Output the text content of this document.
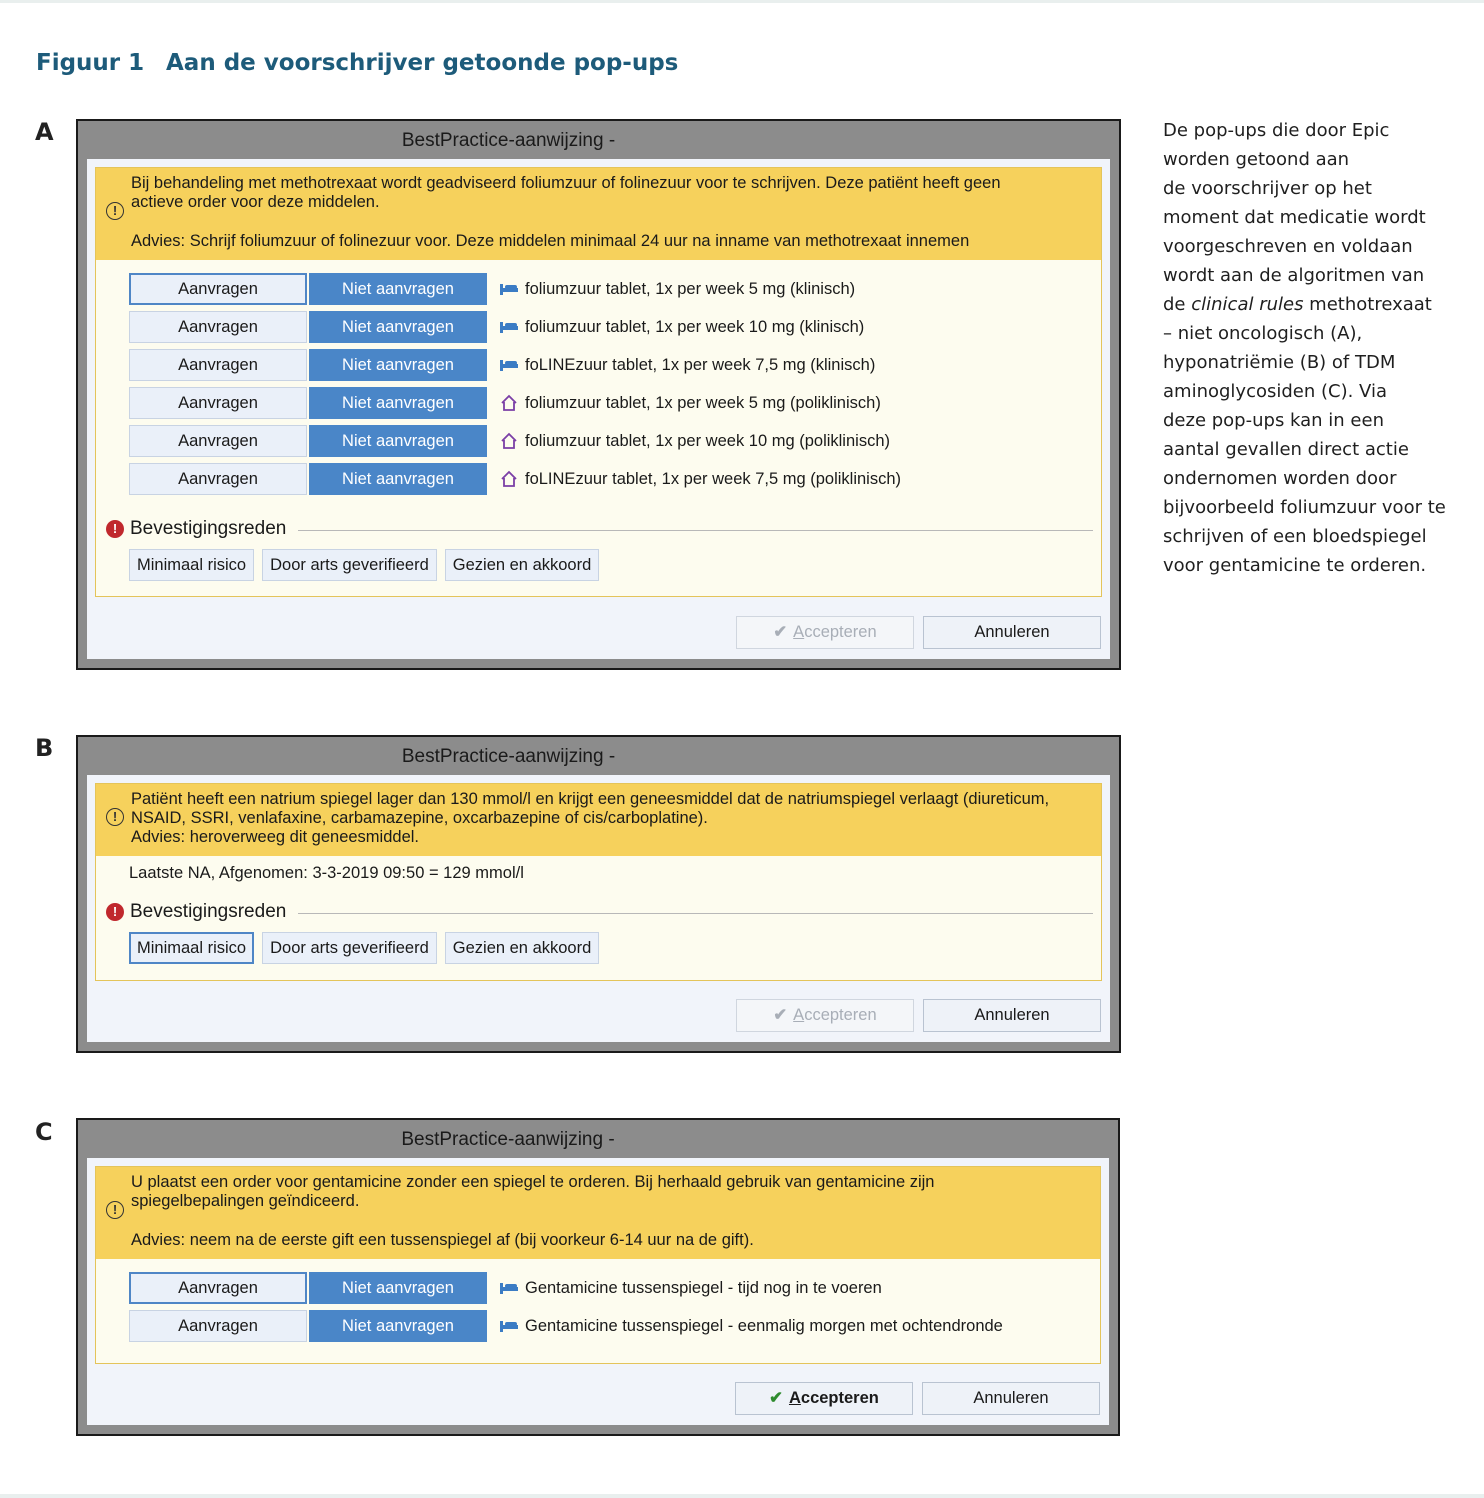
Figuur 1 Aan de voorschrijver getoonde pop-ups
A
B
C

De pop-ups die door Epic

worden getoond aan

de voorschrijver op het

moment dat medicatie wordt

voorgeschreven en voldaan

wordt aan de algoritmen van

de clinical rules methotrexaat

– niet oncologisch (A),

hyponatriëmie (B) of TDM

aminoglycosiden (C). Via

deze pop-ups kan in een

aantal gevallen direct actie

ondernomen worden door

bijvoorbeeld foliumzuur voor te

schrijven of een bloedspiegel

voor gentamicine te orderen.

BestPractice-aanwijzing -
!

Bij behandeling met methotrexaat wordt geadviseerd foliumzuur of folinezuur voor te schrijven. Deze patiënt heeft geen

actieve order voor deze middelen.

Advies: Schrijf foliumzuur of folinezuur voor. Deze middelen minimaal 24 uur na inname van methotrexaat innemen

Aanvragen	Niet aanvragen	foliumzuur tablet, 1x per week 5 mg (klinisch)
Aanvragen	Niet aanvragen	foliumzuur tablet, 1x per week 10 mg (klinisch)
Aanvragen	Niet aanvragen	foLINEzuur tablet, 1x per week 7,5 mg (klinisch)
Aanvragen	Niet aanvragen	foliumzuur tablet, 1x per week 5 mg (poliklinisch)
Aanvragen	Niet aanvragen	foliumzuur tablet, 1x per week 10 mg (poliklinisch)
Aanvragen	Niet aanvragen	foLINEzuur tablet, 1x per week 7,5 mg (poliklinisch)
! Bevestigingsreden
Minimaal risico	Door arts geverifieerd	Gezien en akkoord
✔ Accepteren	Annuleren
BestPractice-aanwijzing -
!

Patiënt heeft een natrium spiegel lager dan 130 mmol/l en krijgt een geneesmiddel dat de natriumspiegel verlaagt (diureticum,

NSAID, SSRI, venlafaxine, carbamazepine, oxcarbazepine of cis/carboplatine).

Advies: heroverweeg dit geneesmiddel.

Laatste NA, Afgenomen: 3-3-2019 09:50 = 129 mmol/l
! Bevestigingsreden
Minimaal risico	Door arts geverifieerd	Gezien en akkoord
✔ Accepteren	Annuleren
BestPractice-aanwijzing -
!

U plaatst een order voor gentamicine zonder een spiegel te orderen. Bij herhaald gebruik van gentamicine zijn

spiegelbepalingen geïndiceerd.

Advies: neem na de eerste gift een tussenspiegel af (bij voorkeur 6-14 uur na de gift).

Aanvragen	Niet aanvragen	Gentamicine tussenspiegel - tijd nog in te voeren
Aanvragen	Niet aanvragen	Gentamicine tussenspiegel - eenmalig morgen met ochtendronde
✔ Accepteren	Annuleren
